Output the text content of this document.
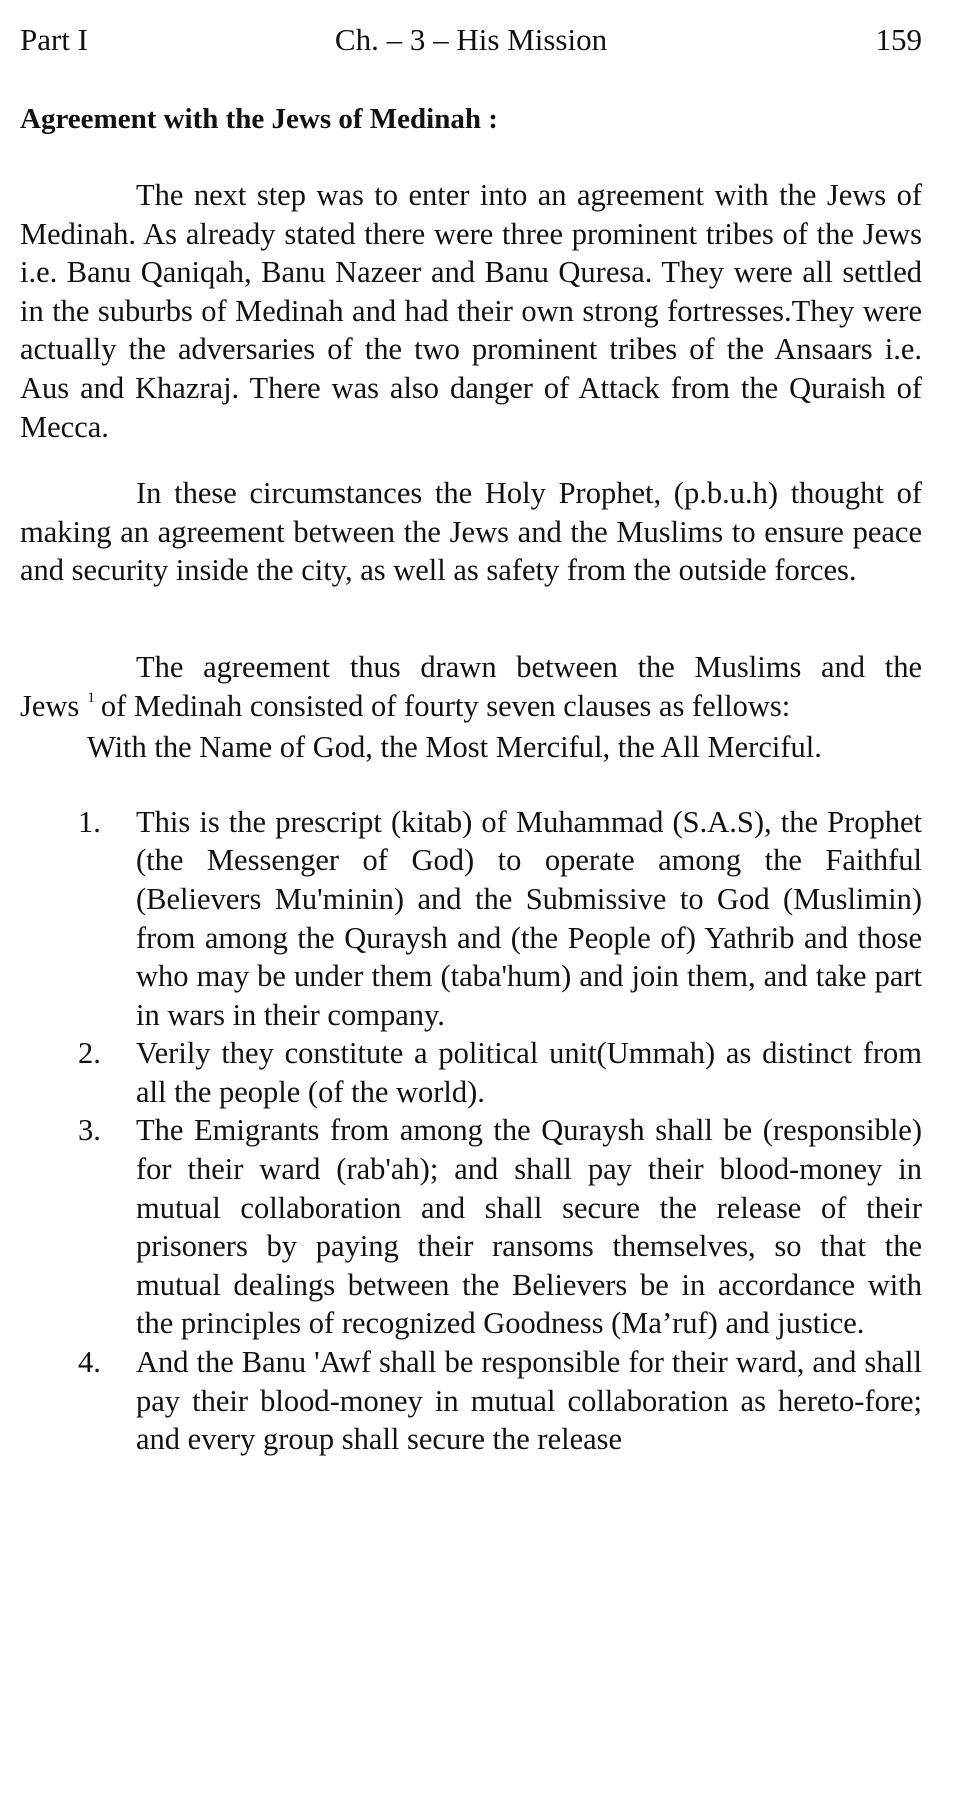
Part I	Ch. – 3 – His Mission	159
Agreement with the Jews of Medinah :

The next step was to enter into an agreement with the Jews of Medinah. As already stated there were three prominent tribes of the Jews i.e. Banu Qaniqah, Banu Nazeer and Banu Quresa. They were all settled in the suburbs of Medinah and had their own strong fortresses.They were actually the adversaries of the two prominent tribes of the Ansaars i.e. Aus and Khazraj. There was also danger of Attack from the Quraish of Mecca.

In these circumstances the Holy Prophet, (p.b.u.h) thought of making an agreement between the Jews and the Muslims to ensure peace and security inside the city, as well as safety from the outside forces.

The agreement thus drawn between the Muslims and the Jews $^1$ of Medinah consisted of fourty seven clauses as fellows:

With the Name of God, the Most Merciful, the All Merciful.

1. This is the prescript (kitab) of Muhammad (S.A.S), the Prophet (the Messenger of God) to operate among the Faithful (Believers Mu'minin) and the Submissive to God (Muslimin) from among the Quraysh and (the People of) Yathrib and those who may be under them (taba'hum) and join them, and take part in wars in their company.
2. Verily they constitute a political unit(Ummah) as distinct from all the people (of the world).
3. The Emigrants from among the Quraysh shall be (responsible) for their ward (rab'ah); and shall pay their blood-money in mutual collaboration and shall secure the release of their prisoners by paying their ransoms themselves, so that the mutual dealings between the Believers be in accordance with the principles of recognized Goodness (Ma’ruf) and justice.
4. And the Banu 'Awf shall be responsible for their ward, and shall pay their blood-money in mutual collaboration as hereto-fore; and every group shall secure the release
